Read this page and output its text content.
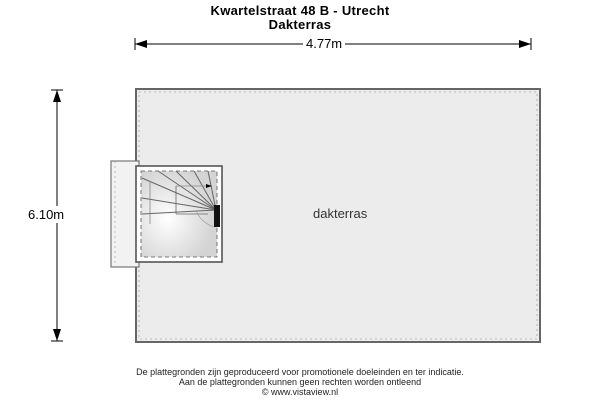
Kwartelstraat 48 B - Utrecht
Dakterras
4.77m
6.10m	dakterras
De plattegronden zijn geproduceerd voor promotionele doeleinden en ter indicatie.
Aan de plattegronden kunnen geen rechten worden ontleend
© www.vistaview.nl
